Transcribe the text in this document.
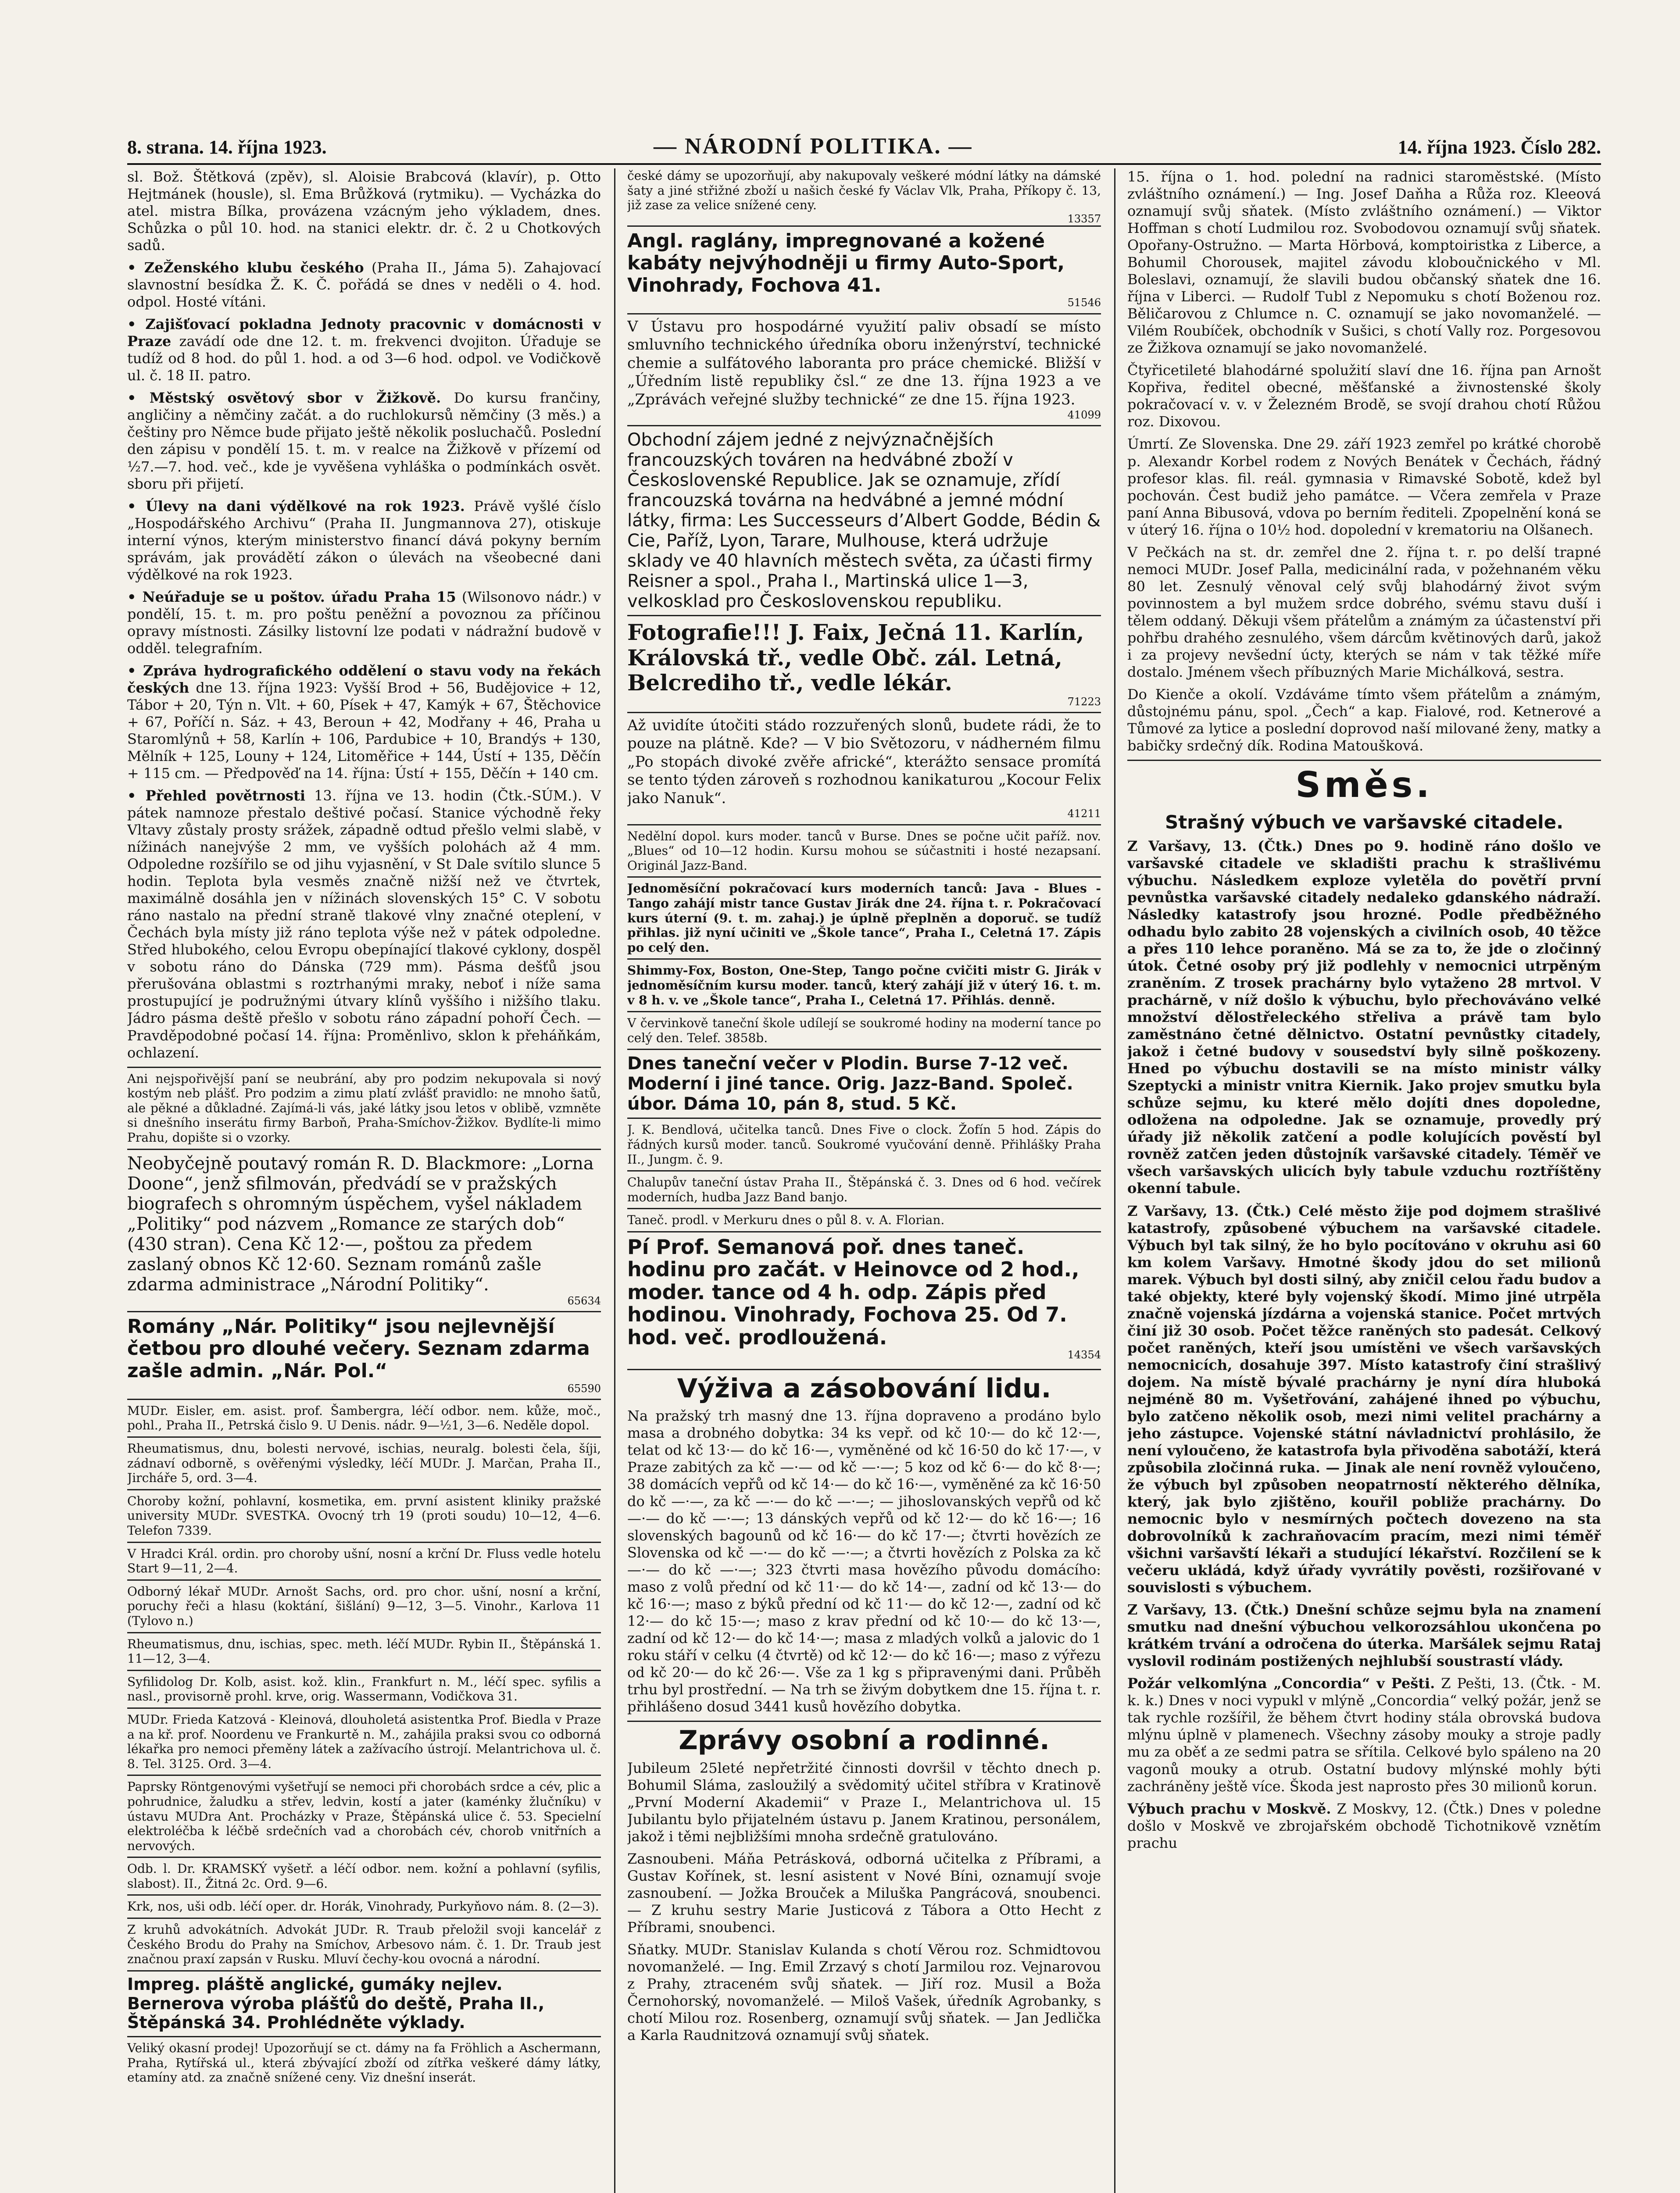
8. strana. 14. října 1923.	— NÁRODNÍ POLITIKA. —	14. října 1923. Číslo 282.

sl. Bož. Štětková (zpěv), sl. Aloisie Brabcová (klavír), p. Otto Hejtmánek (housle), sl. Ema Brůžková (rytmiku). — Vycházka do atel. mistra Bílka, provázena vzácným jeho výkladem, dnes. Schůzka o půl 10. hod. na stanici elektr. dr. č. 2 u Chotkových sadů.

• ZeŽenského klubu českého (Praha II., Jáma 5). Zahajovací slavnostní besídka Ž. K. Č. pořádá se dnes v neděli o 4. hod. odpol. Hosté vítáni.

• Zajišťovací pokladna Jednoty pracovnic v domácnosti v Praze zavádí ode dne 12. t. m. frekvenci dvojiton. Úřaduje se tudíž od 8 hod. do půl 1. hod. a od 3—6 hod. odpol. ve Vodičkově ul. č. 18 II. patro.

• Městský osvětový sbor v Žižkově. Do kursu frančiny, angličiny a němčiny začát. a do ruchlokursů němčiny (3 měs.) a češtiny pro Němce bude přijato ještě několik posluchačů. Poslední den zápisu v pondělí 15. t. m. v realce na Žižkově v přízemí od ½7.—7. hod. več., kde je vyvěšena vyhláška o podmínkách osvět. sboru při přijetí.

• Úlevy na dani výdělkové na rok 1923. Právě vyšlé číslo „Hospodářského Archivu“ (Praha II. Jungmannova 27), otiskuje interní výnos, kterým ministerstvo financí dává pokyny berním správám, jak provádětí zákon o úlevách na všeobecné dani výdělkové na rok 1923.

• Neúřaduje se u poštov. úřadu Praha 15 (Wilsonovo nádr.) v pondělí, 15. t. m. pro poštu peněžní a povoznou za příčinou opravy místnosti. Zásilky listovní lze podati v nádražní budově v odděl. telegrafním.

• Zpráva hydrografického oddělení o stavu vody na řekách českých dne 13. října 1923: Vyšší Brod + 56, Budějovice + 12, Tábor + 20, Týn n. Vlt. + 60, Písek + 47, Kamýk + 67, Štěchovice + 67, Poříčí n. Sáz. + 43, Beroun + 42, Modřany + 46, Praha u Staromlýnů + 58, Karlín + 106, Pardubice + 10, Brandýs + 130, Mělník + 125, Louny + 124, Litoměřice + 144, Ústí + 135, Děčín + 115 cm. — Předpověď na 14. října: Ústí + 155, Děčín + 140 cm.

• Přehled povětrnosti 13. října ve 13. hodin (Čtk.-SÚM.). V pátek namnoze přestalo deštivé počasí. Stanice východně řeky Vltavy zůstaly prosty srážek, západně odtud přešlo velmi slabě, v nížinách nanejvýše 2 mm, ve vyšších polohách až 4 mm. Odpoledne rozšířilo se od jihu vyjasnění, v St Dale svítilo slunce 5 hodin. Teplota byla vesměs značně nižší než ve čtvrtek, maximálně dosáhla jen v nížinách slovenských 15° C. V sobotu ráno nastalo na přední straně tlakové vlny značné oteplení, v Čechách byla místy již ráno teplota výše než v pátek odpoledne. Střed hlubokého, celou Evropu obepínající tlakové cyklony, dospěl v sobotu ráno do Dánska (729 mm). Pásma dešťů jsou přerušována oblastmi s roztrhanými mraky, neboť i níže sama prostupující je podružnými útvary klínů vyššího i nižšího tlaku. Jádro pásma deště přešlo v sobotu ráno západní pohoří Čech. — Pravděpodobné počasí 14. října: Proměnlivo, sklon k přeháňkám, ochlazení.

Ani nejspořivější paní se neubrání, aby pro podzim nekupovala si nový kostým neb plášť. Pro podzim a zimu platí zvlášť pravidlo: ne mnoho šatů, ale pěkné a důkladné. Zajímá-li vás, jaké látky jsou letos v oblibě, vzmněte si dnešního inserátu firmy Barboň, Praha-Smíchov-Žižkov. Bydlíte-li mimo Prahu, dopište si o vzorky.

Neobyčejně poutavý román R. D. Blackmore: „Lorna Doone“, jenž sfilmován, předvádí se v pražských biografech s ohromným úspěchem, vyšel nákladem „Politiky“ pod názvem „Romance ze starých dob“ (430 stran). Cena Kč 12·—, poštou za předem zaslaný obnos Kč 12·60. Seznam románů zašle zdarma administrace „Národní Politiky“.
65634
Romány „Nár. Politiky“ jsou nejlevnější četbou pro dlouhé večery. Seznam zdarma zašle admin. „Nár. Pol.“
65590

MUDr. Eisler, em. asist. prof. Šambergra, léčí odbor. nem. kůže, moč., pohl., Praha II., Petrská čislo 9. U Denis. nádr. 9—½1, 3—6. Neděle dopol.

Rheumatismus, dnu, bolesti nervové, ischias, neuralg. bolesti čela, šíji, zádnaví odborně, s ověřenými výsledky, léčí MUDr. J. Marčan, Praha II., Jircháře 5, ord. 3—4.

Choroby kožní, pohlavní, kosmetika, em. první asistent kliniky pražské university MUDr. SVESTKA. Ovocný trh 19 (proti soudu) 10—12, 4—6. Telefon 7339.

V Hradci Král. ordin. pro choroby ušní, nosní a krční Dr. Fluss vedle hotelu Start 9—11, 2—4.

Odborný lékař MUDr. Arnošt Sachs, ord. pro chor. ušní, nosní a krční, poruchy řeči a hlasu (koktání, šišlání) 9—12, 3—5. Vinohr., Karlova 11 (Tylovo n.)

Rheumatismus, dnu, ischias, spec. meth. léčí MUDr. Rybin II., Štěpánská 1. 11—12, 3—4.

Syfilidolog Dr. Kolb, asist. kož. klin., Frankfurt n. M., léčí spec. syfilis a nasl., provisorně prohl. krve, orig. Wassermann, Vodičkova 31.

MUDr. Frieda Katzová - Kleinová, dlouholetá asistentka Prof. Biedla v Praze a na kř. prof. Noordenu ve Frankurtě n. M., zahájila praksi svou co odborná lékařka pro nemoci přeměny látek a zažívacího ústrojí. Melantrichova ul. č. 8. Tel. 3125. Ord. 3—4.

Paprsky Röntgenovými vyšetřují se nemoci při chorobách srdce a cév, plic a pohrudnice, žaludku a střev, ledvin, kostí a jater (kaménky žlučníku) v ústavu MUDra Ant. Procházky v Praze, Štěpánská ulice č. 53. Specielní elektroléčba k léčbě srdečních vad a chorobách cév, chorob vnitřních a nervových.

Odb. l. Dr. KRAMSKÝ vyšetř. a léčí odbor. nem. kožní a pohlavní (syfilis, slabost). II., Žitná 2c. Ord. 9—6.

Krk, nos, uši odb. léčí oper. dr. Horák, Vinohrady, Purkyňovo nám. 8. (2—3).

Z kruhů advokátních. Advokát JUDr. R. Traub přeložil svoji kancelář z Českého Brodu do Prahy na Smíchov, Arbesovo nám. č. 1. Dr. Traub jest značnou praxí zapsán v Rusku. Mluví čechy-kou ovocná a národní.

Impreg. pláště anglické, gumáky nejlev. Bernerova výroba plášťů do deště, Praha II., Štěpánská 34. Prohlédněte výklady.

Veliký okasní prodej! Upozorňují se ct. dámy na fa Fröhlich a Aschermann, Praha, Rytířská ul., která zbývající zboží od zítřka veškeré dámy látky, etamíny atd. za značně snížené ceny. Viz dnešní inserát.

české dámy se upozorňují, aby nakupovaly veškeré módní látky na dámské šaty a jiné střižné zboží u našich české fy Václav Vlk, Praha, Příkopy č. 13, již zase za velice snížené ceny.
13357
Angl. raglány, impregnované a kožené kabáty nejvýhodněji u firmy Auto-Sport, Vinohrady, Fochova 41.
51546
V Ústavu pro hospodárné využití paliv obsadí se místo smluvního technického úředníka oboru inženýrství, technické chemie a sulfátového laboranta pro práce chemické. Bližší v „Úředním listě republiky čsl.“ ze dne 13. října 1923 a ve „Zprávách veřejné služby technické“ ze dne 15. října 1923.
41099
Obchodní zájem jedné z nejvýznačnějších francouzských továren na hedvábné zboží v Československé Republice. Jak se oznamuje, zřídí francouzská továrna na hedvábné a jemné módní látky, firma: Les Successeurs d’Albert Godde, Bédin & Cie, Paříž, Lyon, Tarare, Mulhouse, která udržuje sklady ve 40 hlavních městech světa, za účasti firmy Reisner a spol., Praha I., Martinská ulice 1—3, velkosklad pro Československou republiku.
Fotografie!!! J. Faix, Ječná 11. Karlín, Královská tř., vedle Obč. zál. Letná, Belcrediho tř., vedle lékár.
71223
Až uvidíte útočiti stádo rozzuřených slonů, budete rádi, že to pouze na plátně. Kde? — V bio Světozoru, v nádherném filmu „Po stopách divoké zvěře africké“, kterážto sensace promítá se tento týden zároveň s rozhodnou kanikaturou „Kocour Felix jako Nanuk“.
41211

Nedělní dopol. kurs moder. tanců v Burse. Dnes se počne učit paříž. nov. „Blues“ od 10—12 hodin. Kursu mohou se súčastniti i hosté nezapsaní. Originál Jazz-Band.

Jednoměsíční pokračovací kurs moderních tanců: Java - Blues - Tango zahájí mistr tance Gustav Jirák dne 24. října t. r. Pokračovací kurs úterní (9. t. m. zahaj.) je úplně přeplněn a doporuč. se tudíž přihlas. již nyní učiniti ve „Škole tance“, Praha I., Celetná 17. Zápis po celý den.

Shimmy-Fox, Boston, One-Step, Tango počne cvičiti mistr G. Jirák v jednoměsíčním kursu moder. tanců, který zahájí již v úterý 16. t. m. v 8 h. v. ve „Škole tance“, Praha I., Celetná 17. Přihlás. denně.

V červinkově taneční škole udílejí se soukromé hodiny na moderní tance po celý den. Telef. 3858b.

Dnes taneční večer v Plodin. Burse 7-12 več. Moderní i jiné tance. Orig. Jazz-Band. Společ. úbor. Dáma 10, pán 8, stud. 5 Kč.

J. K. Bendlová, učitelka tanců. Dnes Five o clock. Žofín 5 hod. Zápis do řádných kursů moder. tanců. Soukromé vyučování denně. Přihlášky Praha II., Jungm. č. 9.

Chalupův taneční ústav Praha II., Štěpánská č. 3. Dnes od 6 hod. večírek moderních, hudba Jazz Band banjo.

Taneč. prodl. v Merkuru dnes o půl 8. v. A. Florian.

Pí Prof. Semanová poř. dnes taneč. hodinu pro začát. v Heinovce od 2 hod., moder. tance od 4 h. odp. Zápis před hodinou. Vinohrady, Fochova 25. Od 7. hod. več. prodloužená.
14354
Výživa a zásobování lidu.

Na pražský trh masný dne 13. října dopraveno a prodáno bylo masa a drobného dobytka: 34 ks vepř. od kč 10·— do kč 12·—, telat od kč 13·— do kč 16·—, vyměněné od kč 16·50 do kč 17·—, v Praze zabitých za kč —·— od kč —·—; 5 koz od kč 6·— do kč 8·—; 38 domácích vepřů od kč 14·— do kč 16·—, vyměněné za kč 16·50 do kč —·—, za kč —·— do kč —·—; — jihoslovanských vepřů od kč —·— do kč —·—; 13 dánských vepřů od kč 12·— do kč 16·—; 16 slovenských bagounů od kč 16·— do kč 17·—; čtvrti hovězích ze Slovenska od kč —·— do kč —·—; a čtvrti hovězích z Polska za kč —·— do kč —·—; 323 čtvrti masa hovězího původu domácího: maso z volů přední od kč 11·— do kč 14·—, zadní od kč 13·— do kč 16·—; maso z býků přední od kč 11·— do kč 12·—, zadní od kč 12·— do kč 15·—; maso z krav přední od kč 10·— do kč 13·—, zadní od kč 12·— do kč 14·—; masa z mladých volků a jalovic do 1 roku stáří v celku (4 čtvrtě) od kč 12·— do kč 16·—; maso z výřezu od kč 20·— do kč 26·—. Vše za 1 kg s připravenými dani. Průběh trhu byl prostřední. — Na trh se živým dobytkem dne 15. října t. r. přihlášeno dosud 3441 kusů hovězího dobytka.

Zprávy osobní a rodinné.

Jubileum 25leté nepřetržité činnosti dovršil v těchto dnech p. Bohumil Sláma, zasloužilý a svědomitý učitel stříbra v Kratinově „První Moderní Akademii“ v Praze I., Melantrichova ul. 15 Jubilantu bylo přijatelném ústavu p. Janem Kratinou, personálem, jakož i těmi nejbližšími mnoha srdečně gratulováno.

Zasnoubeni. Máňa Petrásková, odborná učitelka z Příbrami, a Gustav Kořínek, st. lesní asistent v Nové Bíni, oznamují svoje zasnoubení. — Jožka Brouček a Miluška Pangrácová, snoubenci. — Z kruhu sestry Marie Justicová z Tábora a Otto Hecht z Příbrami, snoubenci.

Sňatky. MUDr. Stanislav Kulanda s chotí Věrou roz. Schmidtovou novomanželé. — Ing. Emil Zrzavý s chotí Jarmilou roz. Vejnarovou z Prahy, ztraceném svůj sňatek. — Jiří roz. Musil a Boža Černohorský, novomanželé. — Miloš Vašek, úředník Agrobanky, s chotí Milou roz. Rosenberg, oznamují svůj sňatek. — Jan Jedlička a Karla Raudnitzová oznamují svůj sňatek.

15. října o 1. hod. polední na radnici staroměstské. (Místo zvláštního oznámení.) — Ing. Josef Daňha a Růža roz. Kleeová oznamují svůj sňatek. (Místo zvláštního oznámení.) — Viktor Hoffman s chotí Ludmilou roz. Svobodovou oznamují svůj sňatek. Opořany-Ostružno. — Marta Hörbová, komptoiristka z Liberce, a Bohumil Chorousek, majitel závodu kloboučnického v Ml. Boleslavi, oznamují, že slavili budou občanský sňatek dne 16. října v Liberci. — Rudolf Tubl z Nepomuku s chotí Boženou roz. Běličarovou z Chlumce n. C. oznamují se jako novomanželé. — Vilém Roubíček, obchodník v Sušici, s chotí Vally roz. Porgesovou ze Žižkova oznamují se jako novomanželé.

Čtyřicetileté blahodárné spolužití slaví dne 16. října pan Arnošt Kopřiva, ředitel obecné, měšťanské a živnostenské školy pokračovací v. v. v Železném Brodě, se svojí drahou chotí Růžou roz. Dixovou.

Úmrtí. Ze Slovenska. Dne 29. září 1923 zemřel po krátké chorobě p. Alexandr Korbel rodem z Nových Benátek v Čechách, řádný profesor klas. fil. reál. gymnasia v Rimavské Sobotě, kdež byl pochován. Čest budiž jeho památce. — Včera zemřela v Praze paní Anna Bibusová, vdova po berním řediteli. Zpopelnění koná se v úterý 16. října o 10½ hod. dopolední v krematoriu na Olšanech.

V Pečkách na st. dr. zemřel dne 2. října t. r. po delší trapné nemoci MUDr. Josef Palla, medicinální rada, v požehnaném věku 80 let. Zesnulý věnoval celý svůj blahodárný život svým povinnostem a byl mužem srdce dobrého, svému stavu duší i tělem oddaný. Děkuji všem přátelům a známým za účastenství při pohřbu drahého zesnulého, všem dárcům květinových darů, jakož i za projevy nevšední úcty, kterých se nám v tak těžké míře dostalo. Jménem všech příbuzných Marie Michálková, sestra.

Do Kienče a okolí. Vzdáváme tímto všem přátelům a známým, důstojnému pánu, spol. „Čech“ a kap. Fialové, rod. Ketnerové a Tůmové za lytice a poslední doprovod naší milované ženy, matky a babičky srdečný dík. Rodina Matoušková.

Směs.
Strašný výbuch ve varšavské citadele.

Z Varšavy, 13. (Čtk.) Dnes po 9. hodině ráno došlo ve varšavské citadele ve skladišti prachu k strašlivému výbuchu. Následkem exploze vyletěla do povětří první pevnůstka varšavské citadely nedaleko gdanského nádraží. Následky katastrofy jsou hrozné. Podle předběžného odhadu bylo zabito 28 vojenských a civilních osob, 40 těžce a přes 110 lehce poraněno. Má se za to, že jde o zločinný útok. Četné osoby prý již podlehly v nemocnici utrpěným zraněním. Z trosek prachárny bylo vytaženo 28 mrtvol. V prachárně, v níž došlo k výbuchu, bylo přechováváno velké množství dělostřeleckého střeliva a právě tam bylo zaměstnáno četné dělnictvo. Ostatní pevnůstky citadely, jakož i četné budovy v sousedství byly silně poškozeny. Hned po výbuchu dostavili se na místo ministr války Szeptycki a ministr vnitra Kiernik. Jako projev smutku byla schůze sejmu, ku které mělo dojíti dnes dopoledne, odložena na odpoledne. Jak se oznamuje, provedly prý úřady již několik zatčení a podle kolujících pověstí byl rovněž zatčen jeden důstojník varšavské citadely. Téměř ve všech varšavských ulicích byly tabule vzduchu roztříštěny okenní tabule.

Z Varšavy, 13. (Čtk.) Celé město žije pod dojmem strašlivé katastrofy, způsobené výbuchem na varšavské citadele. Výbuch byl tak silný, že ho bylo pocítováno v okruhu asi 60 km kolem Varšavy. Hmotné škody jdou do set milionů marek. Výbuch byl dosti silný, aby zničil celou řadu budov a také objekty, které byly vojenský škodí. Mimo jiné utrpěla značně vojenská jízdárna a vojenská stanice. Počet mrtvých činí již 30 osob. Počet těžce raněných sto padesát. Celkový počet raněných, kteří jsou umístěni ve všech varšavských nemocnicích, dosahuje 397. Místo katastrofy činí strašlivý dojem. Na místě bývalé prachárny je nyní díra hluboká nejméně 80 m. Vyšetřování, zahájené ihned po výbuchu, bylo zatčeno několik osob, mezi nimi velitel prachárny a jeho zástupce. Vojenské státní návladnictví prohlásilo, že není vyloučeno, že katastrofa byla přivoděna sabotáží, která způsobila zločinná ruka. — Jinak ale není rovněž vyloučeno, že výbuch byl způsoben neopatrností některého dělníka, který, jak bylo zjištěno, kouřil pobliže prachárny. Do nemocnic bylo v nesmírných počtech dovezeno na sta dobrovolníků k zachraňovacím pracím, mezi nimi téměř všichni varšavští lékaři a studující lékařství. Rozčilení se k večeru ukládá, když úřady vyvrátily pověsti, rozšiřované v souvislosti s výbuchem.

Z Varšavy, 13. (Čtk.) Dnešní schůze sejmu byla na znamení smutku nad dnešní výbuchou velkorozsáhlou ukončena po krátkém trvání a odročena do úterka. Maršálek sejmu Rataj vyslovil rodinám postižených nejhlubší soustrastí vlády.

Požár velkomlýna „Concordia“ v Pešti. Z Pešti, 13. (Čtk. - M. k. k.) Dnes v noci vypukl v mlýně „Concordia“ velký požár, jenž se tak rychle rozšířil, že během čtvrt hodiny stála obrovská budova mlýnu úplně v plamenech. Všechny zásoby mouky a stroje padly mu za oběť a ze sedmi patra se sřítila. Celkové bylo spáleno na 20 vagonů mouky a otrub. Ostatní budovy mlýnské mohly býti zachráněny ještě více. Škoda jest naprosto přes 30 milionů korun.

Výbuch prachu v Moskvě. Z Moskvy, 12. (Čtk.) Dnes v poledne došlo v Moskvě ve zbrojařském obchodě Tichotnikově vznětím prachu
